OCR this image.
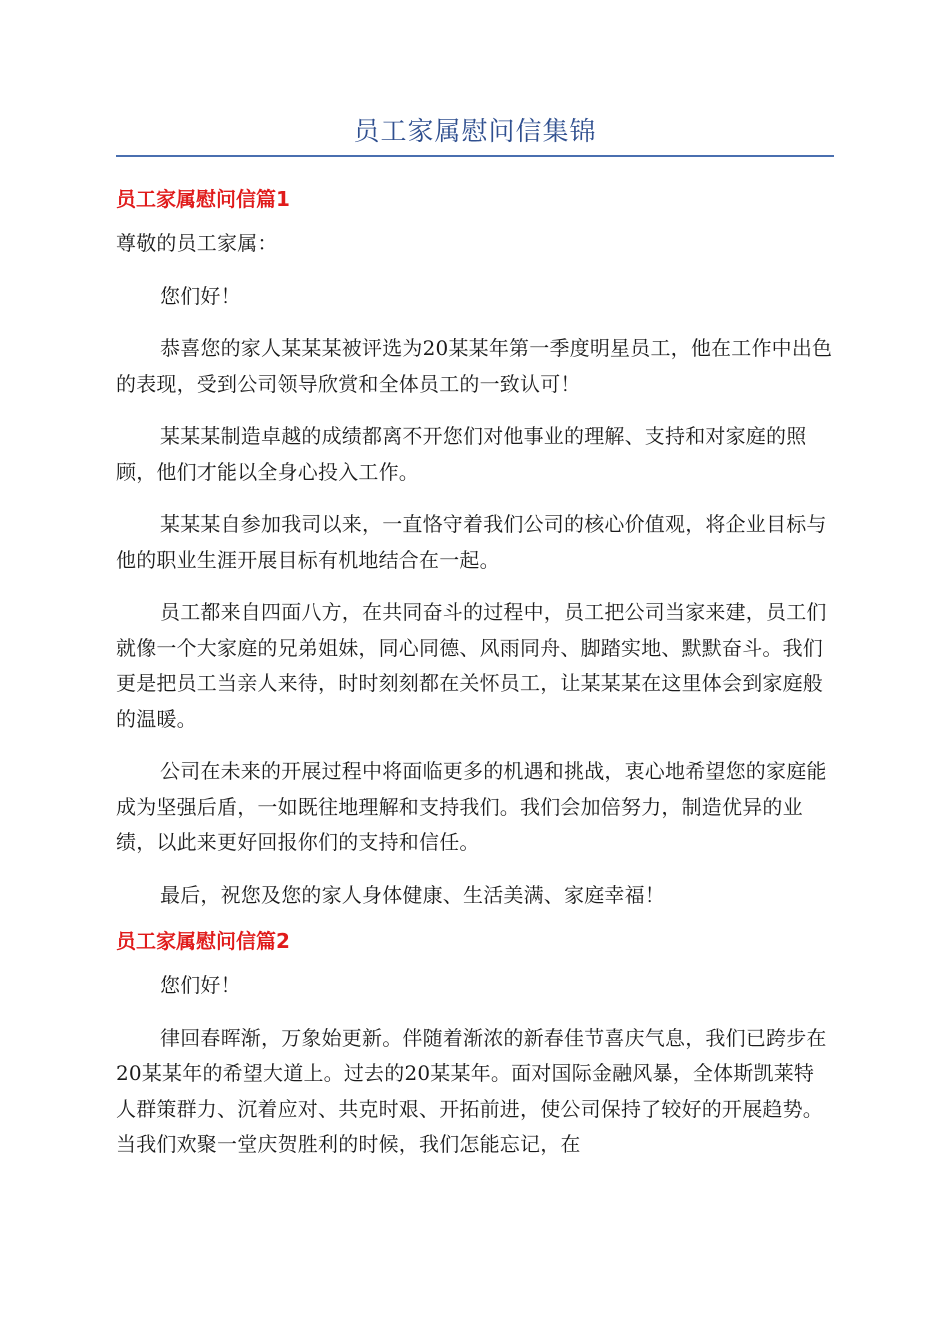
员工家属慰问信集锦
员工家属慰问信篇1

尊敬的员工家属：

您们好！

恭喜您的家人某某某被评选为20某某年第一季度明星员工，他在工作中出色的表现，受到公司领导欣赏和全体员工的一致认可！

某某某制造卓越的成绩都离不开您们对他事业的理解、支持和对家庭的照顾，他们才能以全身心投入工作。

某某某自参加我司以来，一直恪守着我们公司的核心价值观，将企业目标与他的职业生涯开展目标有机地结合在一起。

员工都来自四面八方，在共同奋斗的过程中，员工把公司当家来建，员工们就像一个大家庭的兄弟姐妹，同心同德、风雨同舟、脚踏实地、默默奋斗。我们更是把员工当亲人来待，时时刻刻都在关怀员工，让某某某在这里体会到家庭般的温暖。

公司在未来的开展过程中将面临更多的机遇和挑战，衷心地希望您的家庭能成为坚强后盾，一如既往地理解和支持我们。我们会加倍努力，制造优异的业绩，以此来更好回报你们的支持和信任。

最后，祝您及您的家人身体健康、生活美满、家庭幸福！

员工家属慰问信篇2

您们好！

律回春晖渐，万象始更新。伴随着渐浓的新春佳节喜庆气息，我们已跨步在20某某年的希望大道上。过去的20某某年。面对国际金融风暴，全体斯凯莱特人群策群力、沉着应对、共克时艰、开拓前进，使公司保持了较好的开展趋势。当我们欢聚一堂庆贺胜利的时候，我们怎能忘记，在
